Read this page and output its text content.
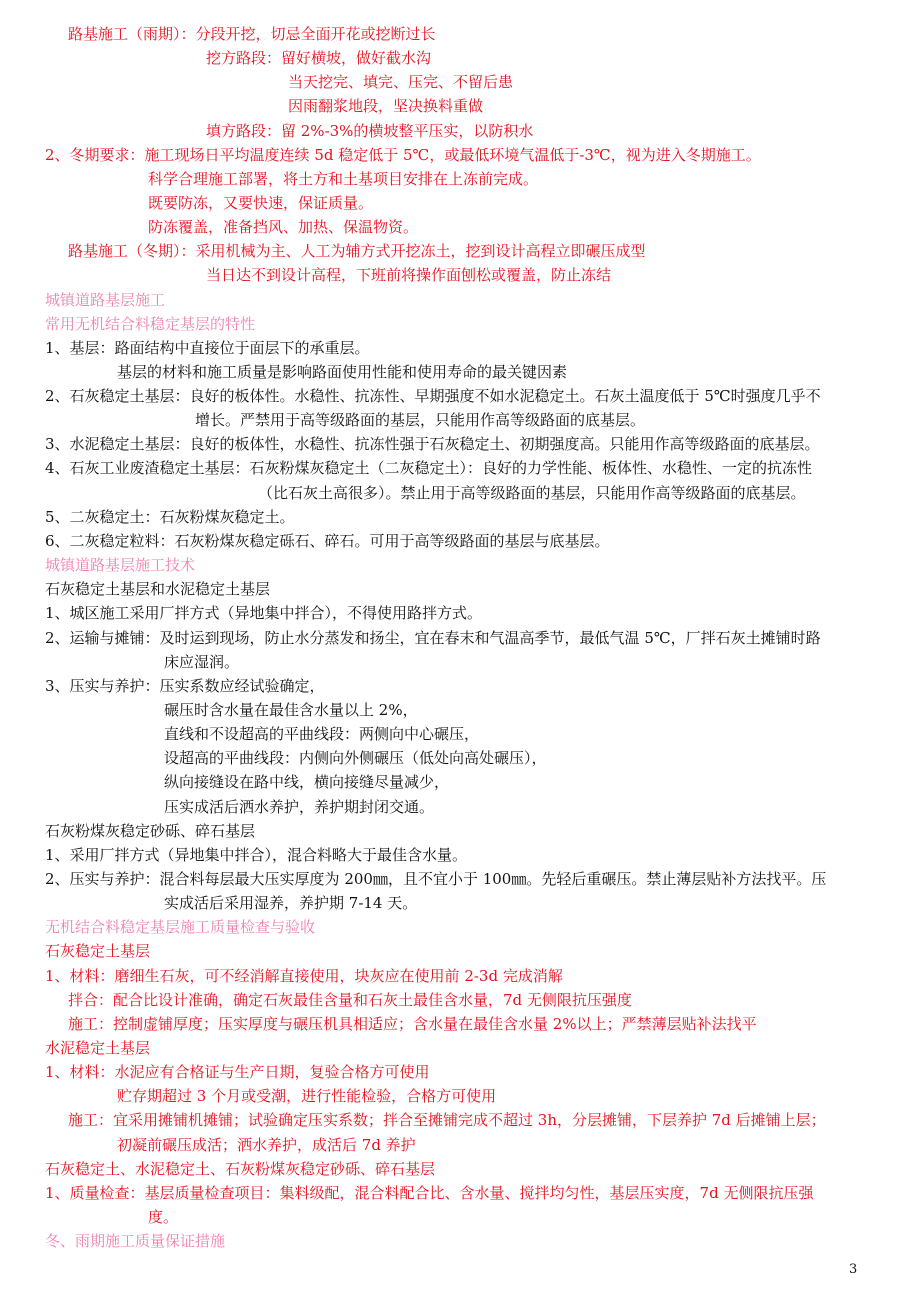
路基施工（雨期）：分段开挖，切忌全面开花或挖断过长
挖方路段：留好横坡，做好截水沟
当天挖完、填完、压完、不留后患
因雨翻浆地段，坚决换料重做
填方路段：留 2%-3%的横坡整平压实，以防积水
2、冬期要求：施工现场日平均温度连续 5d 稳定低于 5℃，或最低环境气温低于-3℃，视为进入冬期施工。
科学合理施工部署，将土方和土基项目安排在上冻前完成。
既要防冻，又要快速，保证质量。
防冻覆盖，准备挡风、加热、保温物资。
路基施工（冬期）：采用机械为主、人工为辅方式开挖冻土，挖到设计高程立即碾压成型
当日达不到设计高程，下班前将操作面刨松或覆盖，防止冻结
城镇道路基层施工
常用无机结合料稳定基层的特性
1、基层：路面结构中直接位于面层下的承重层。
基层的材料和施工质量是影响路面使用性能和使用寿命的最关键因素
2、石灰稳定土基层：良好的板体性。水稳性、抗冻性、早期强度不如水泥稳定土。石灰土温度低于 5℃时强度几乎不
增长。严禁用于高等级路面的基层，只能用作高等级路面的底基层。
3、水泥稳定土基层：良好的板体性，水稳性、抗冻性强于石灰稳定土、初期强度高。只能用作高等级路面的底基层。
4、石灰工业废渣稳定土基层：石灰粉煤灰稳定土（二灰稳定土）：良好的力学性能、板体性、水稳性、一定的抗冻性
（比石灰土高很多）。禁止用于高等级路面的基层，只能用作高等级路面的底基层。
5、二灰稳定土：石灰粉煤灰稳定土。
6、二灰稳定粒料：石灰粉煤灰稳定砾石、碎石。可用于高等级路面的基层与底基层。
城镇道路基层施工技术
石灰稳定土基层和水泥稳定土基层
1、城区施工采用厂拌方式（异地集中拌合），不得使用路拌方式。
2、运输与摊铺：及时运到现场，防止水分蒸发和扬尘，宜在春末和气温高季节，最低气温 5℃，厂拌石灰土摊铺时路
床应湿润。
3、压实与养护：压实系数应经试验确定，
碾压时含水量在最佳含水量以上 2%，
直线和不设超高的平曲线段：两侧向中心碾压，
设超高的平曲线段：内侧向外侧碾压（低处向高处碾压），
纵向接缝设在路中线，横向接缝尽量减少，
压实成活后洒水养护，养护期封闭交通。
石灰粉煤灰稳定砂砾、碎石基层
1、采用厂拌方式（异地集中拌合），混合料略大于最佳含水量。
2、压实与养护：混合料每层最大压实厚度为 200㎜，且不宜小于 100㎜。先轻后重碾压。禁止薄层贴补方法找平。压
实成活后采用湿养，养护期 7-14 天。
无机结合料稳定基层施工质量检查与验收
石灰稳定土基层
1、材料：磨细生石灰，可不经消解直接使用，块灰应在使用前 2-3d 完成消解
拌合：配合比设计准确，确定石灰最佳含量和石灰土最佳含水量，7d 无侧限抗压强度
施工：控制虚铺厚度；压实厚度与碾压机具相适应；含水量在最佳含水量 2%以上；严禁薄层贴补法找平
水泥稳定土基层
1、材料：水泥应有合格证与生产日期，复验合格方可使用
贮存期超过 3 个月或受潮，进行性能检验，合格方可使用
施工：宜采用摊铺机摊铺；试验确定压实系数；拌合至摊铺完成不超过 3h，分层摊铺，下层养护 7d 后摊铺上层；
初凝前碾压成活；洒水养护，成活后 7d 养护
石灰稳定土、水泥稳定土、石灰粉煤灰稳定砂砾、碎石基层
1、质量检查：基层质量检查项目：集料级配，混合料配合比、含水量、搅拌均匀性，基层压实度，7d 无侧限抗压强
度。
冬、雨期施工质量保证措施
3
